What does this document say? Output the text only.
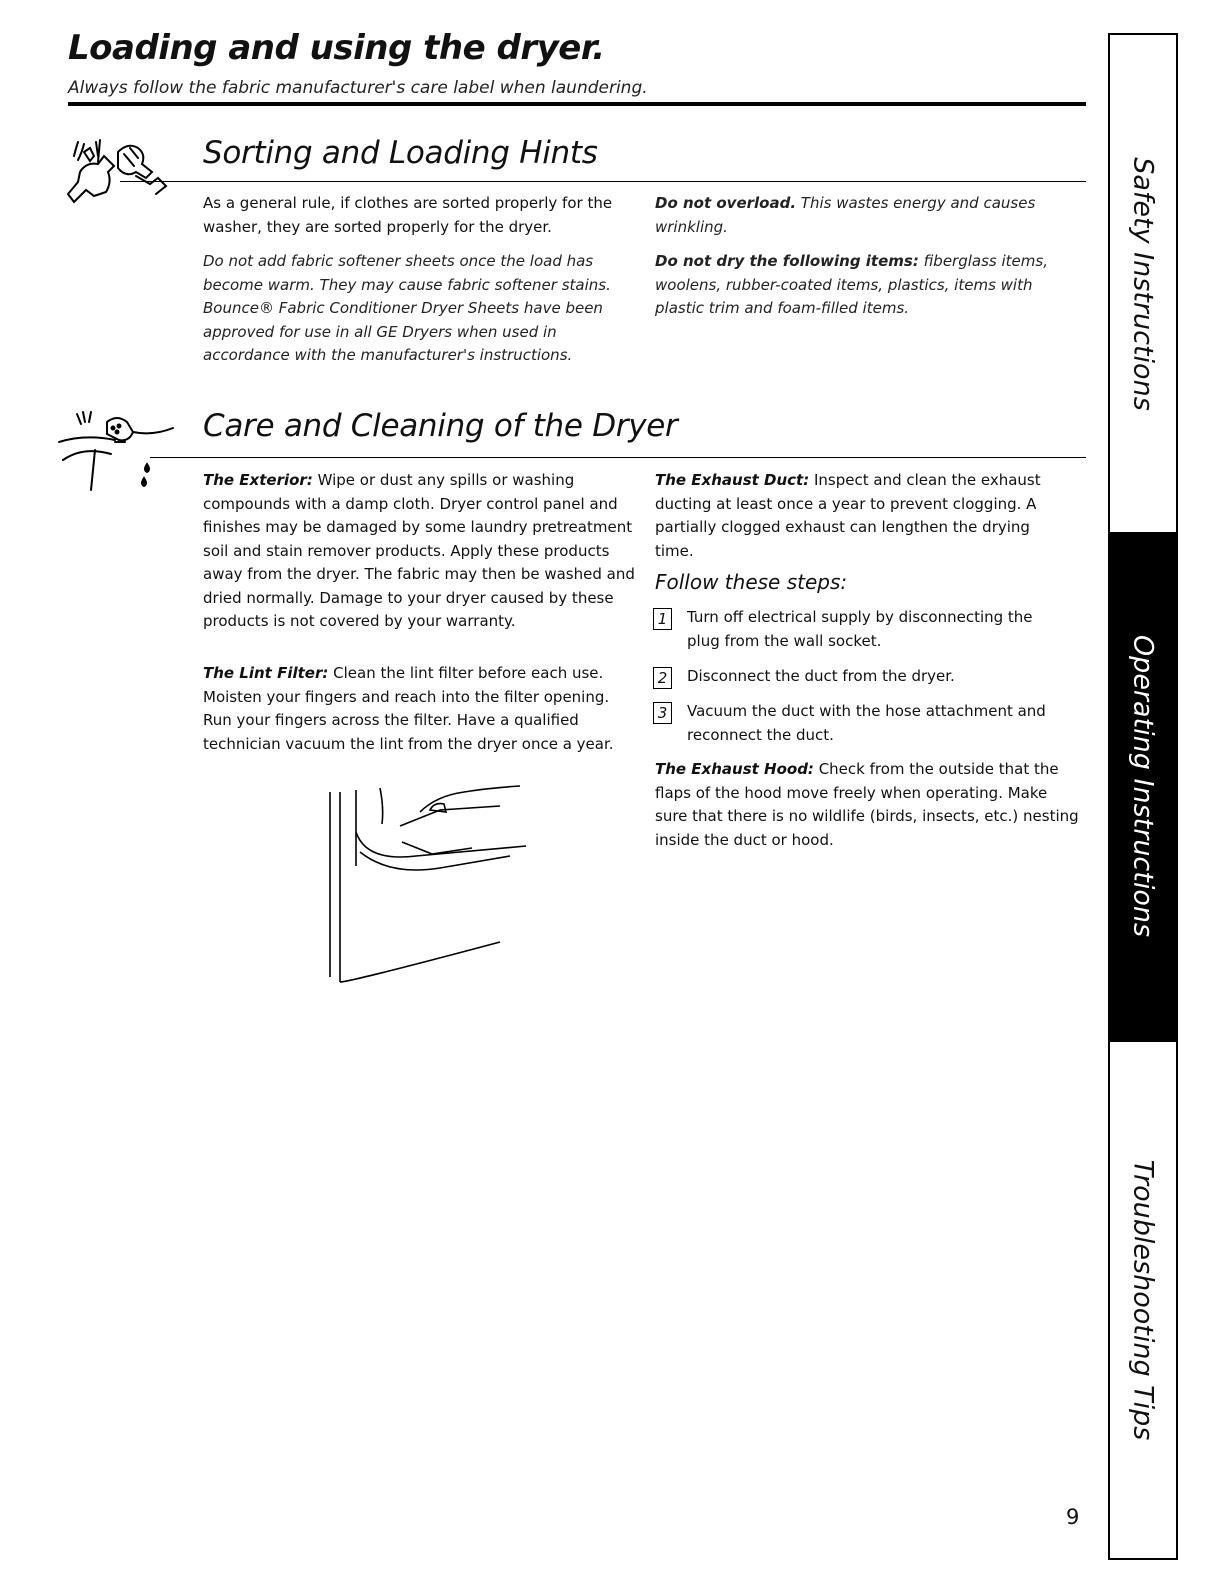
Loading and using the dryer.
Always follow the fabric manufacturer's care label when laundering.
Sorting and Loading Hints

As a general rule, if clothes are sorted properly for the washer, they are sorted properly for the dryer.

Do not add fabric softener sheets once the load has become warm. They may cause fabric softener stains. Bounce® Fabric Conditioner Dryer Sheets have been approved for use in all GE Dryers when used in accordance with the manufacturer's instructions.

Do not overload. This wastes energy and causes wrinkling.

Do not dry the following items: fiberglass items, woolens, rubber-coated items, plastics, items with plastic trim and foam-filled items.

Care and Cleaning of the Dryer

The Exterior: Wipe or dust any spills or washing compounds with a damp cloth. Dryer control panel and finishes may be damaged by some laundry pretreatment soil and stain remover products. Apply these products away from the dryer. The fabric may then be washed and dried normally. Damage to your dryer caused by these products is not covered by your warranty.

The Lint Filter: Clean the lint filter before each use. Moisten your fingers and reach into the filter opening. Run your fingers across the filter. Have a qualified technician vacuum the lint from the dryer once a year.

The Exhaust Duct: Inspect and clean the exhaust ducting at least once a year to prevent clogging. A partially clogged exhaust can lengthen the drying time.

Follow these steps:
1	Turn off electrical supply by disconnecting the plug from the wall socket.
2	Disconnect the duct from the dryer.
3	Vacuum the duct with the hose attachment and reconnect the duct.

The Exhaust Hood: Check from the outside that the flaps of the hood move freely when operating. Make sure that there is no wildlife (birds, insects, etc.) nesting inside the duct or hood.

Safety Instructions
Operating Instructions
Troubleshooting Tips
9
